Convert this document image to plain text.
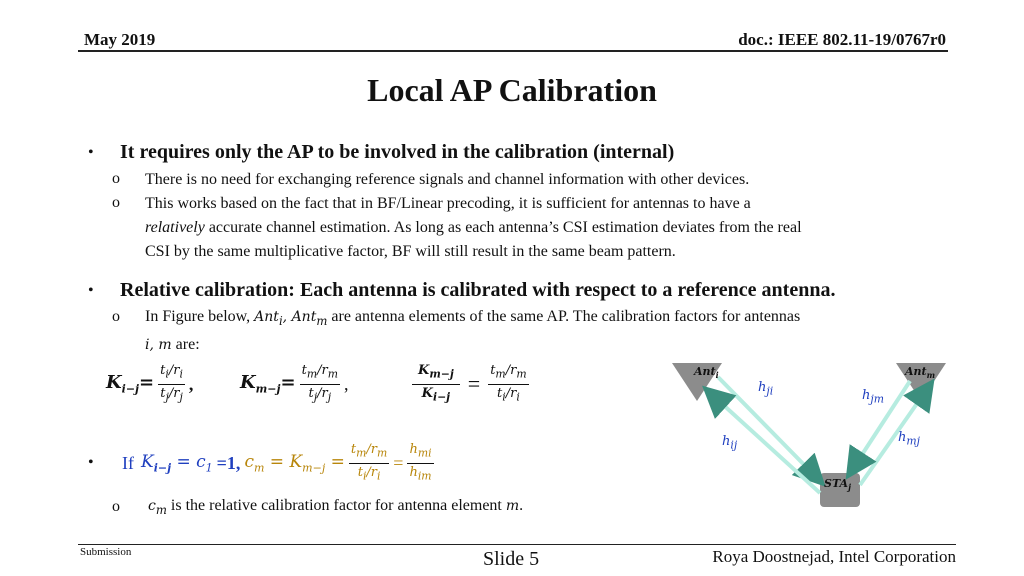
May 2019	doc.: IEEE 802.11-19/0767r0
Local AP Calibration
• It requires only the AP to be involved in the calibration (internal)
o There is no need for exchanging reference signals and channel information with other devices.
o This works based on the fact that in BF/Linear precoding, it is sufficient for antennas to have a
relatively accurate channel estimation. As long as each antenna’s CSI estimation deviates from the real
CSI by the same multiplicative factor, BF will still result in the same beam pattern.
• Relative calibration: Each antenna is calibrated with respect to a reference antenna.
o In Figure below, Ant$_i$, Ant$_m$ are antenna elements of the same AP. The calibration factors for antennas
i, m are:
$K_{i-j}= \frac{t_i/r_i}{t_j/r_j}$ ,	$K_{m-j}= \frac{t_m/r_m}{t_j/r_j}$ ,	$\frac{K_{m-j}}{K_{i-j}} = \frac{t_m/r_m}{t_i/r_i}$
• If $K_{i-j} = c_1 =1$, $c_m = K_{m-j} = \frac{t_m/r_m}{t_i/r_i} = \frac{h_{mi}}{h_{im}}$
o $c_m$ is the relative calibration factor for antenna element m.
Ant$_i$	Ant$_m$
$STA_j$
$h_{ji}$	$h_{jm}$
$h_{ij}$
$h_{mj}$
Submission	Slide 5	Roya Doostnejad, Intel Corporation
